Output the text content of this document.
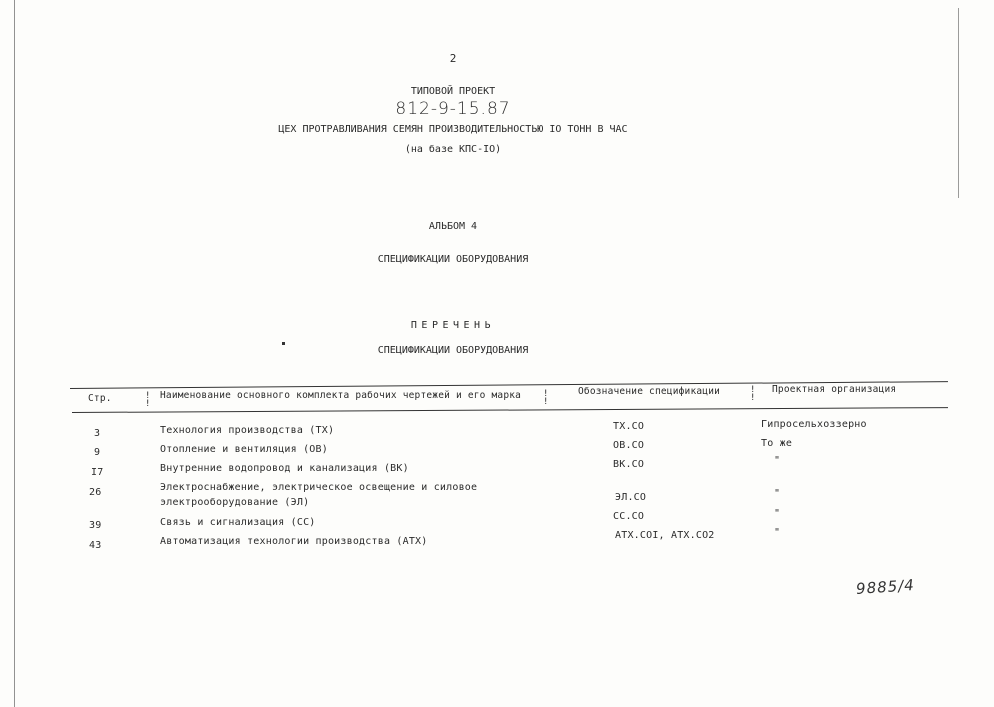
2
ТИПОВОЙ ПРОЕКТ
812-9-15.87
ЦЕХ ПРОТРАВЛИВАНИЯ СЕМЯН ПРОИЗВОДИТЕЛЬНОСТЬЮ IO ТОНН В ЧАС
(на базе КПС-IO)
АЛЬБОМ 4
СПЕЦИФИКАЦИИ ОБОРУДОВАНИЯ
ПЕРЕЧЕНЬ
СПЕЦИФИКАЦИИ ОБОРУДОВАНИЯ
Стр.	!
!
Наименование основного комплекта рабочих чертежей и его марка !
!
Обозначение спецификации	!
!
Проектная организация
3	Технология производства (ТХ)	ТХ.СО	Гипросельхоззерно
9	Отопление и вентиляция (ОВ)	ОВ.СО	То же
I7	Внутренние водопровод и канализация (ВК)	ВК.СО	"
26	Электроснабжение, электрическое освещение и силовое
электрооборудование (ЭЛ)	ЭЛ.СО	"
39	Связь и сигнализация (СС)
СС.СО	"
43	Автоматизация технологии производства (АТХ)
АТХ.СОI, АТХ.СО2	"
9885/4
